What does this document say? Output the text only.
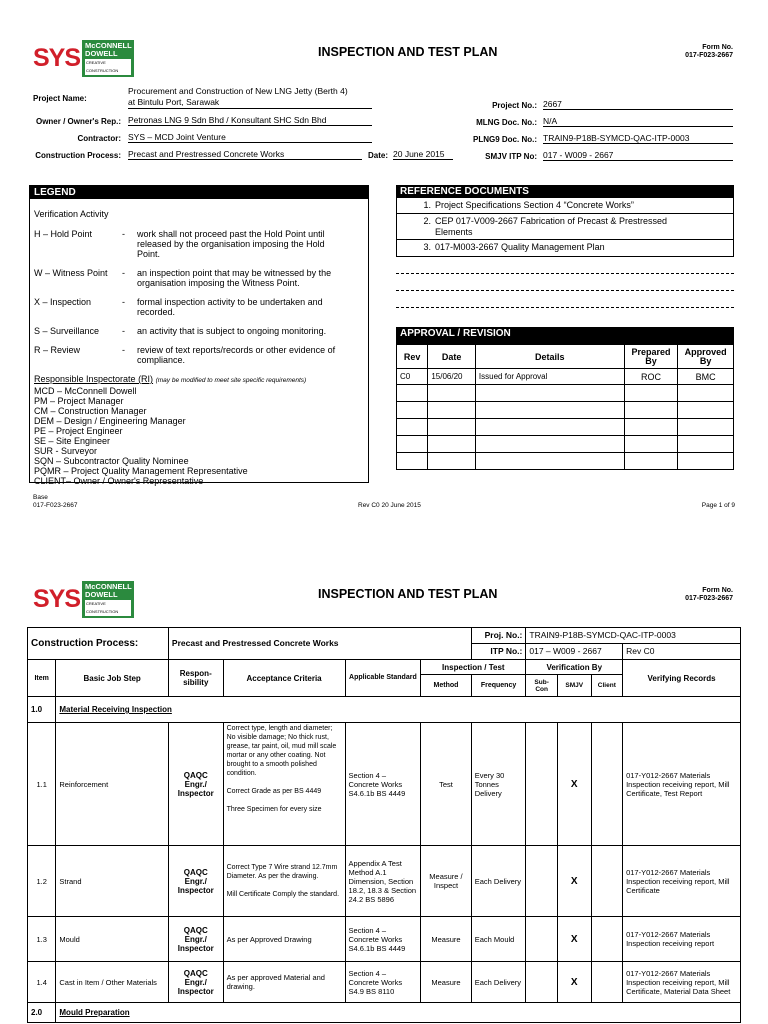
SYS McCONNELL
DOWELL
CREATIVE CONSTRUCTION
INSPECTION AND TEST PLAN	Form No.
017-F023-2667
Project Name:
Procurement and Construction of New LNG Jetty (Berth 4)
at Bintulu Port, Sarawak
Owner / Owner's Rep.: Petronas LNG 9 Sdn Bhd / Konsultant SHC Sdn Bhd
Contractor: SYS – MCD Joint Venture
Construction Process: Precast and Prestressed Concrete Works	Date: 20 June 2015
Project No.: 2667
MLNG Doc. No.: N/A
PLNG9 Doc. No.: TRAIN9-P18B-SYMCD-QAC-ITP-0003
SMJV ITP No: 017 - W009 - 2667
LEGEND
Verification Activity
H – Hold Point	-	work shall not proceed past the Hold Point until released by the organisation imposing the Hold Point.
W – Witness Point	-	an inspection point that may be witnessed by the organisation imposing the Witness Point.
X – Inspection	-	formal inspection activity to be undertaken and recorded.
S – Surveillance	-	an activity that is subject to ongoing monitoring.
R – Review	-	review of text reports/records or other evidence of compliance.
Responsible Inspectorate (RI) (may be modified to meet site specific requirements)
MCD – McConnell Dowell
PM – Project Manager
CM – Construction Manager
DEM – Design / Engineering Manager
PE – Project Engineer
SE – Site Engineer
SUR - Surveyor
SQN – Subcontractor Quality Nominee
PQMR – Project Quality Management Representative
CLIENT– Owner / Owner's Representative
REFERENCE DOCUMENTS
1. Project Specifications Section 4 “Concrete Works”
2. CEP 017-V009-2667 Fabrication of Precast & Prestressed Elements
3. 017-M003-2667 Quality Management Plan
APPROVAL / REVISION
Rev	Date	Details	Prepared By	Approved By
C0	15/06/20	Issued for Approval	ROC	BMC

Base
017-F023-2667	Rev C0 20 June 2015	Page 1 of 9
SYS McCONNELL
DOWELL
CREATIVE CONSTRUCTION
INSPECTION AND TEST PLAN	Form No.
017-F023-2667
Construction Process:		Precast and Prestressed Concrete Works				Proj. No.:	TRAIN9-P18B-SYMCD-QAC-ITP-0003			
						ITP No.:	017 – W009 - 2667			Rev C0
Item	Basic Job Step	Respon-sibility	Acceptance Criteria	Applicable Standard	Inspection / Test		Verification By			Verifying Records
					Method	Frequency	Sub-Con	SMJV	Client	
1.0	Material Receiving Inspection									
1.1	Reinforcement	QAQC Engr./ Inspector	Correct type, length and diameter; No visible damage; No thick rust, grease, tar paint, oil, mud mill scale mortar or any other coating. Not brought to a smooth polished condition.
Correct Grade as per BS 4449
Three Specimen for every size	Section 4 – Concrete Works S4.6.1b BS 4449	Test	Every 30 Tonnes Delivery		X		017-Y012-2667 Materials Inspection receiving report, Mill Certificate, Test Report
1.2	Strand	QAQC Engr./ Inspector	Correct Type 7 Wire strand 12.7mm Diameter. As per the drawing.
Mill Certificate Comply the standard.	Appendix A Test Method A.1 Dimension, Section 18.2, 18.3 & Section 24.2 BS 5896	Measure / Inspect	Each Delivery		X		017-Y012-2667 Materials Inspection receiving report, Mill Certificate
1.3	Mould	QAQC Engr./ Inspector	As per Approved Drawing	Section 4 – Concrete Works S4.6.1b BS 4449	Measure	Each Mould		X		017-Y012-2667 Materials Inspection receiving report
1.4	Cast in Item / Other Materials	QAQC Engr./ Inspector	As per approved Material and drawing.	Section 4 – Concrete Works S4.9 BS 8110	Measure	Each Delivery		X		017-Y012-2667 Materials Inspection receiving report, Mill Certificate, Material Data Sheet
2.0	Mould Preparation									
